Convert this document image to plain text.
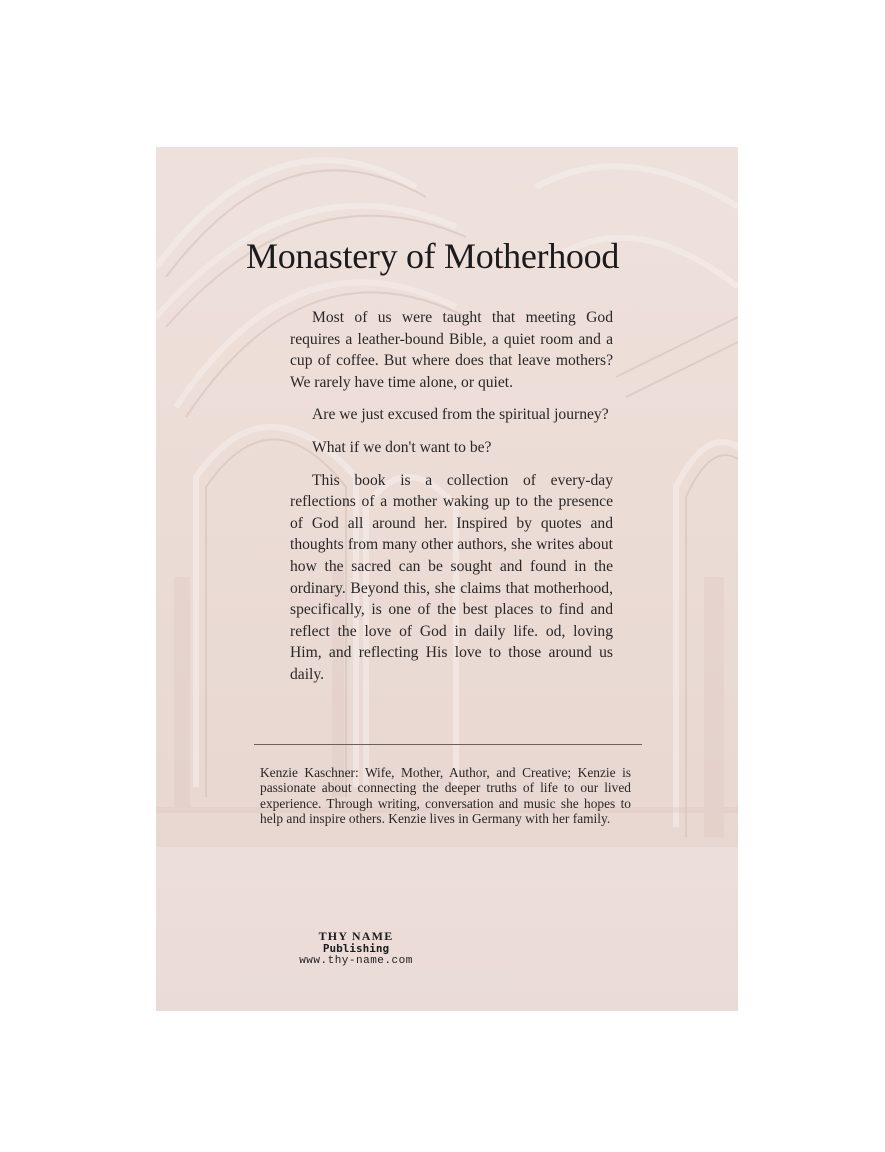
Monastery of Motherhood

Most of us were taught that meeting God requires a leather-bound Bible, a quiet room and a cup of coffee. But where does that leave mothers? We rarely have time alone, or quiet.

Are we just excused from the spiritual journey?

What if we don't want to be?

This book is a collection of every-day reflections of a mother waking up to the presence of God all around her. Inspired by quotes and thoughts from many other authors, she writes about how the sacred can be sought and found in the ordinary. Beyond this, she claims that motherhood, specifically, is one of the best places to find and reflect the love of God in daily life. od, loving Him, and reflecting His love to those around us daily.

Kenzie Kaschner: Wife, Mother, Author, and Creative; Kenzie is passionate about connecting the deeper truths of life to our lived experience. Through writing, conversation and music she hopes to help and inspire others. Kenzie lives in Germany with her family.

THY NAME
Publishing
www.thy-name.com
